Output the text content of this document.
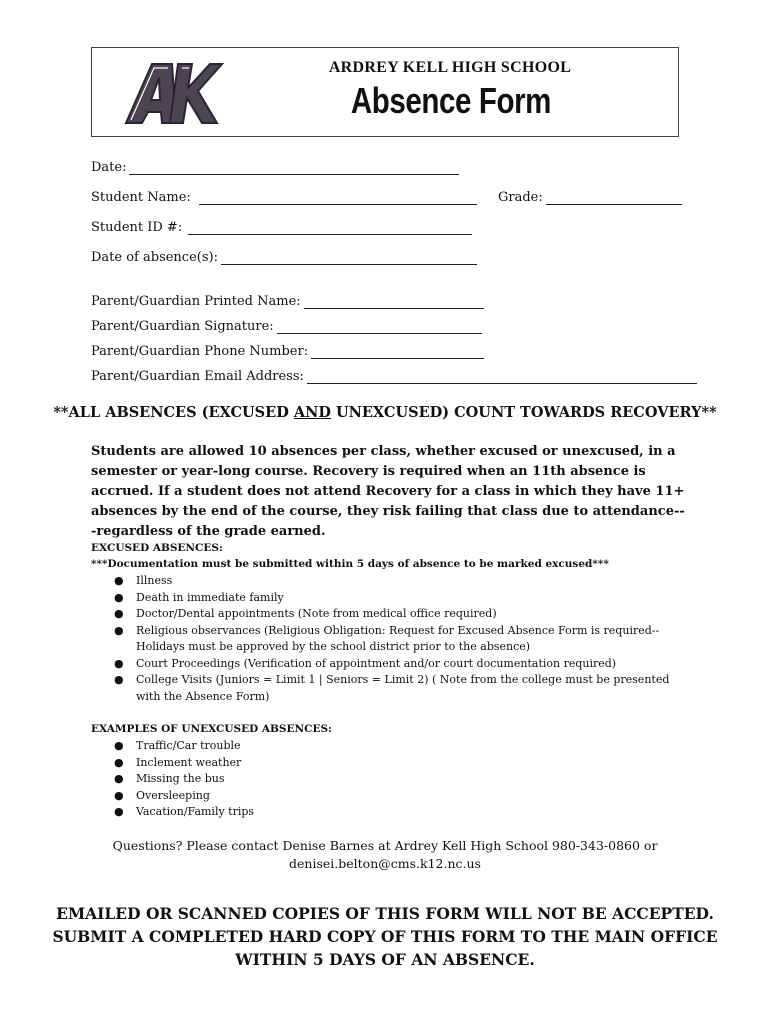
ARDREY KELL HIGH SCHOOL
Absence Form
Date:
Student Name:	Grade:
Student ID #:
Date of absence(s):
Parent/Guardian Printed Name:
Parent/Guardian Signature:
Parent/Guardian Phone Number:
Parent/Guardian Email Address:
**ALL ABSENCES (EXCUSED AND UNEXCUSED) COUNT TOWARDS RECOVERY**
Students are allowed 10 absences per class, whether excused or unexcused, in a semester or year-long course. Recovery is required when an 11th absence is accrued. If a student does not attend Recovery for a class in which they have 11+ absences by the end of the course, they risk failing that class due to attendance---regardless of the grade earned.
EXCUSED ABSENCES:
***Documentation must be submitted within 5 days of absence to be marked excused***
● Illness
● Death in immediate family
● Doctor/Dental appointments (Note from medical office required)
● Religious observances (Religious Obligation: Request for Excused Absence Form is required--Holidays must be approved by the school district prior to the absence)
● Court Proceedings (Verification of appointment and/or court documentation required)
● College Visits (Juniors = Limit 1 | Seniors = Limit 2) ( Note from the college must be presented with the Absence Form)
EXAMPLES OF UNEXCUSED ABSENCES:
● Traffic/Car trouble
● Inclement weather
● Missing the bus
● Oversleeping
● Vacation/Family trips
Questions? Please contact Denise Barnes at Ardrey Kell High School 980-343-0860 or
deniseі.belton@cms.k12.nc.us
EMAILED OR SCANNED COPIES OF THIS FORM WILL NOT BE ACCEPTED.
SUBMIT A COMPLETED HARD COPY OF THIS FORM TO THE MAIN OFFICE
WITHIN 5 DAYS OF AN ABSENCE.
